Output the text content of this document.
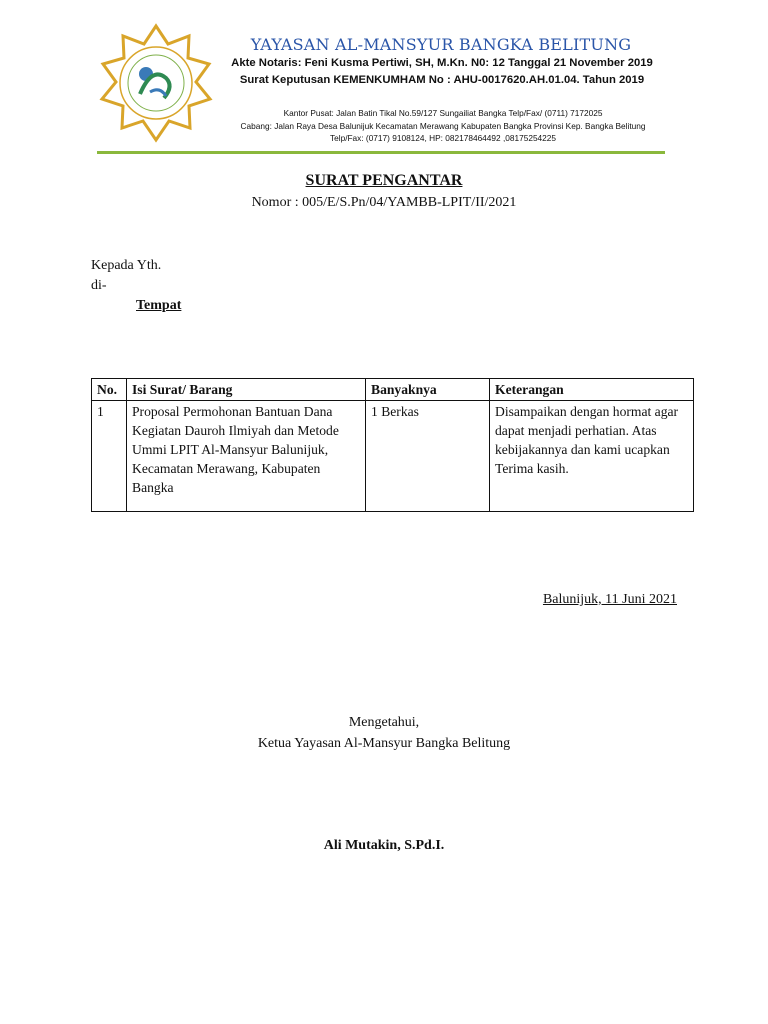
YAYASAN AL-MANSYUR BANGKA BELITUNG
Akte Notaris: Feni Kusma Pertiwi, SH, M.Kn. N0: 12 Tanggal 21 November 2019
Surat Keputusan KEMENKUMHAM No : AHU-0017620.AH.01.04. Tahun 2019
Kantor Pusat: Jalan Batin Tikal No.59/127 Sungailiat Bangka Telp/Fax/ (0711) 7172025
Cabang: Jalan Raya Desa Balunijuk Kecamatan Merawang Kabupaten Bangka Provinsi Kep. Bangka Belitung
Telp/Fax: (0717) 9108124, HP: 082178464492 ,08175254225
SURAT PENGANTAR
Nomor : 005/E/S.Pn/04/YAMBB-LPIT/II/2021
Kepada Yth.
di-
Tempat
No.	Isi Surat/ Barang	Banyaknya	Keterangan
1	Proposal Permohonan Bantuan Dana Kegiatan Dauroh Ilmiyah dan Metode Ummi LPIT Al-Mansyur Balunijuk, Kecamatan Merawang, Kabupaten Bangka	1 Berkas	Disampaikan dengan hormat agar dapat menjadi perhatian. Atas kebijakannya dan kami ucapkan Terima kasih.
Balunijuk, 11 Juni 2021
Mengetahui,
Ketua Yayasan Al-Mansyur Bangka Belitung
Ali Mutakin, S.Pd.I.
